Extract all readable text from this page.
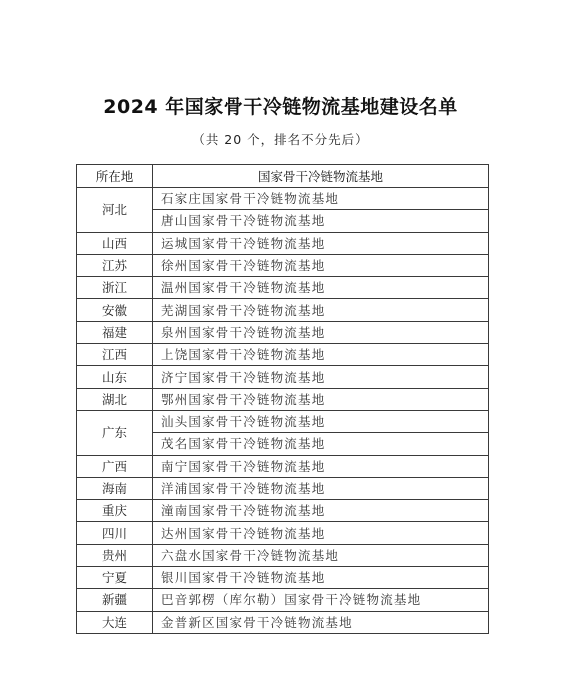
2024 年国家骨干冷链物流基地建设名单
（共 20 个，排名不分先后）
所在地	国家骨干冷链物流基地
河北	石家庄国家骨干冷链物流基地
	唐山国家骨干冷链物流基地
山西	运城国家骨干冷链物流基地
江苏	徐州国家骨干冷链物流基地
浙江	温州国家骨干冷链物流基地
安徽	芜湖国家骨干冷链物流基地
福建	泉州国家骨干冷链物流基地
江西	上饶国家骨干冷链物流基地
山东	济宁国家骨干冷链物流基地
湖北	鄂州国家骨干冷链物流基地
广东	汕头国家骨干冷链物流基地
	茂名国家骨干冷链物流基地
广西	南宁国家骨干冷链物流基地
海南	洋浦国家骨干冷链物流基地
重庆	潼南国家骨干冷链物流基地
四川	达州国家骨干冷链物流基地
贵州	六盘水国家骨干冷链物流基地
宁夏	银川国家骨干冷链物流基地
新疆	巴音郭楞（库尔勒）国家骨干冷链物流基地
大连	金普新区国家骨干冷链物流基地
